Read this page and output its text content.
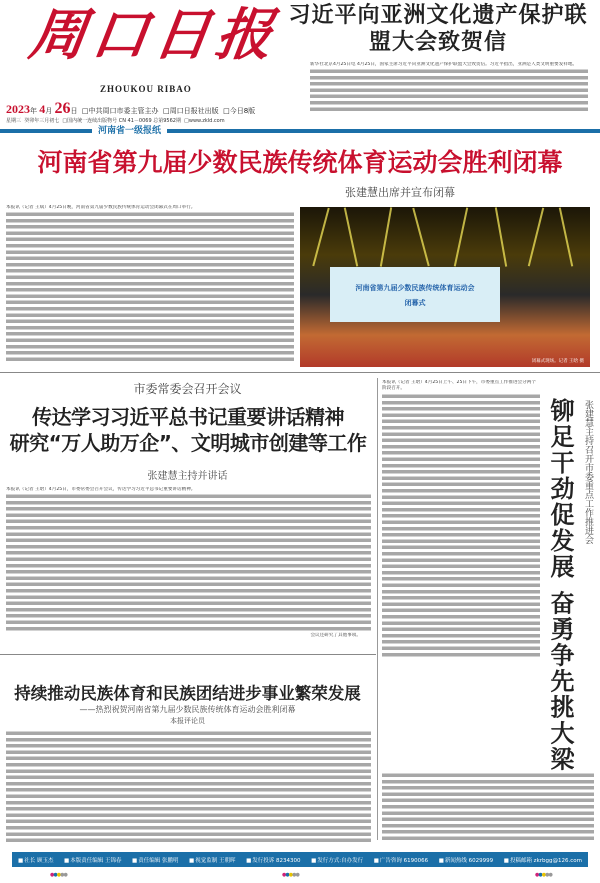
周口日报
ZHOUKOU RIBAO
2023年 4月 26日 □中共周口市委主管主办 □周口日报社出版 □今日8版
星期三 癸卯年三月初七 □国内统一连续出版物号 CN 41－0069 总第9562期 □www.zkld.com
习近平向亚洲文化遗产保护联盟大会致贺信
新华社北京4月25日电 4月25日，国家主席习近平向亚洲文化遗产保护联盟大会致贺信。习近平指出，亚洲是人类文明重要发祥地。
河南省一级报纸
河南省第九届少数民族传统体育运动会胜利闭幕
张建慧出席并宣布闭幕
本报讯（记者 王斌）4月25日晚，河南省第九届少数民族传统体育运动会闭幕式在周口举行。
河南省第九届少数民族传统体育运动会
闭幕式
闭幕式现场。记者 王晗 摄
市委常委会召开会议
传达学习习近平总书记重要讲话精神
研究“万人助万企”、文明城市创建等工作
张建慧主持并讲话
本报讯（记者 王晗）4月25日，市委常委会召开会议，传达学习习近平总书记重要讲话精神。
会议还研究了其他事项。
本报讯（记者 王晗）4月25日上午、25日下午，市委重点工作推进会分两个阶段召开。
铆足干劲促发展 奋勇争先挑大梁	张建慧主持召开市委重点工作推进会
持续推动民族体育和民族团结进步事业繁荣发展
——热烈祝贺河南省第九届少数民族传统体育运动会胜利闭幕
本报评论员
■ 社长 顾玉杰	■ 本版责任编辑 王锦春	■ 责任编辑 张鹏明	■ 视觉监制 王朝晖	■ 发行投诉 8234300	■ 发行方式:自办发行	■ 广告咨询 6190066	■ 新闻热线 6029999	■ 投稿邮箱 zkrbgg@126.com
●●●●●	●●●●●	●●●●●
